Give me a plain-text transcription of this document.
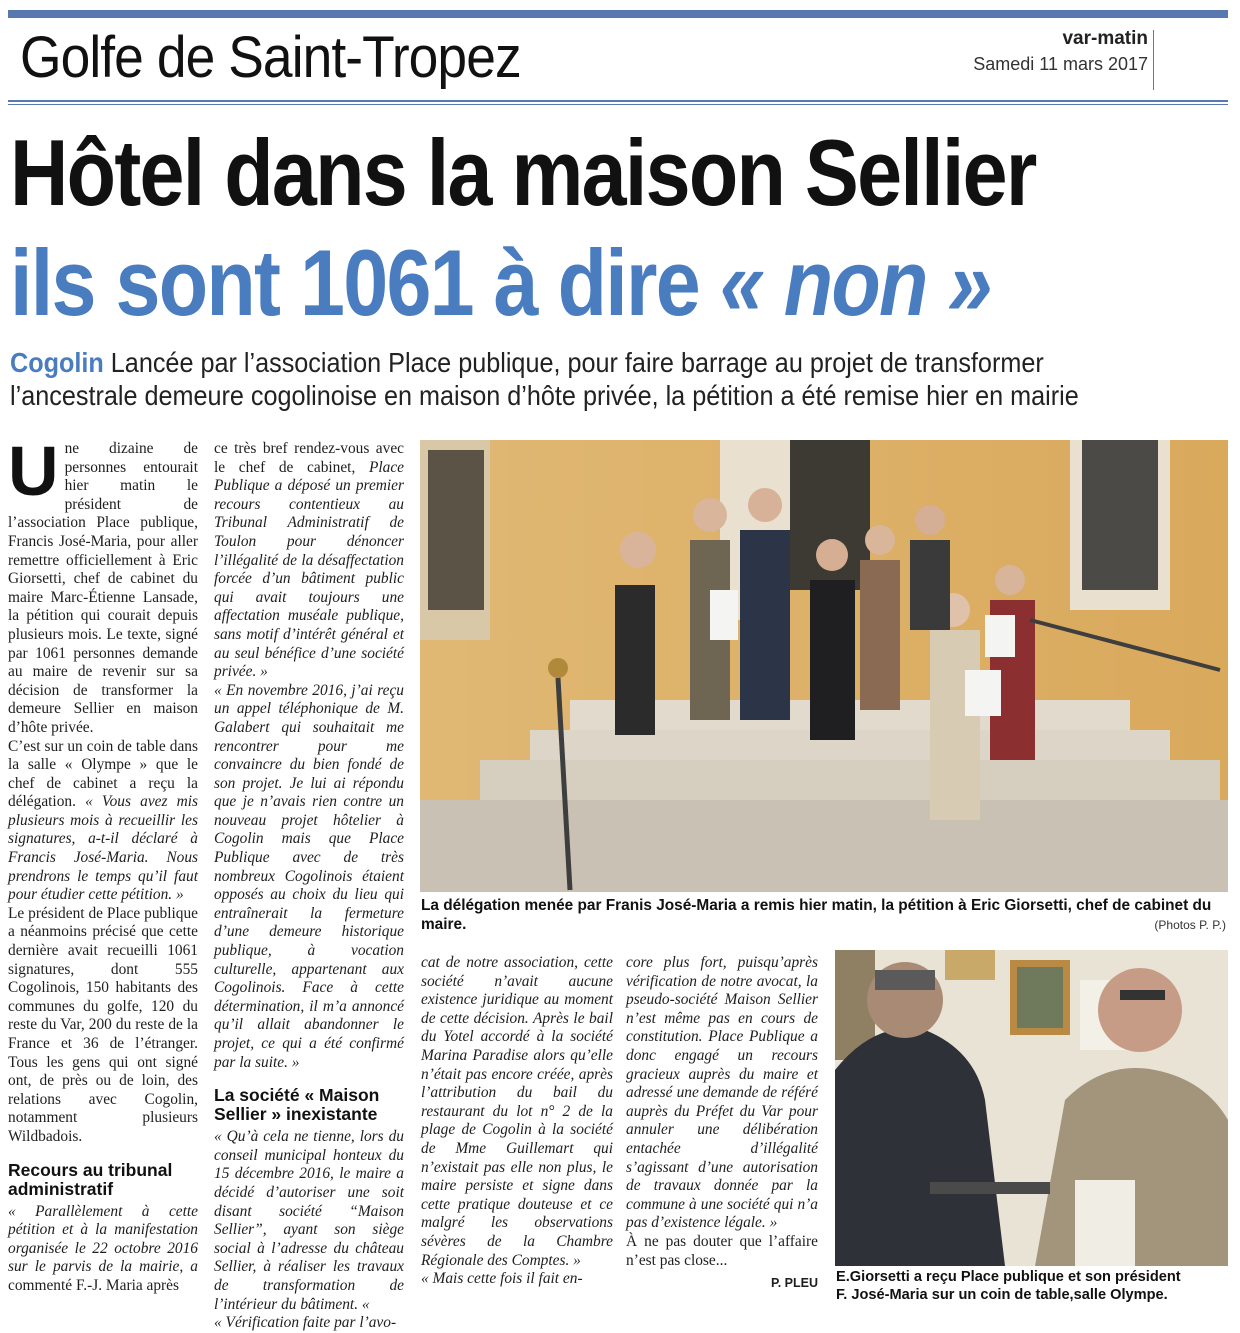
Golfe de Saint-Tropez	var-matin
Samedi 11 mars 2017
Hôtel dans la maison Sellier
ils sont 1061 à dire « non »
Cogolin Lancée par l’association Place publique, pour faire barrage au projet de transformer
l’ancestrale demeure cogolinoise en maison d’hôte privée, la pétition a été remise hier en mairie
U ne dizaine de personnes entourait hier matin le président de l’association Place publique, Francis José-Maria, pour aller remettre officiellement à Eric Giorsetti, chef de cabinet du maire Marc-Étienne Lansade, la pétition qui courait depuis plusieurs mois. Le texte, signé par 1061 personnes demande au maire de revenir sur sa décision de transformer la demeure Sellier en maison d’hôte privée.

C’est sur un coin de table dans la salle « Olympe » que le chef de cabinet a reçu la délégation. « Vous avez mis plusieurs mois à recueillir les signatures, a-t-il déclaré à Francis José-Maria. Nous prendrons le temps qu’il faut pour étudier cette pétition. »

Le président de Place publique a néanmoins précisé que cette dernière avait recueilli 1061 signatures, dont 555 Cogolinois, 150 habitants des communes du golfe, 120 du reste du Var, 200 du reste de la France et 36 de l’étranger. Tous les gens qui ont signé ont, de près ou de loin, des relations avec Cogolin, notamment plusieurs Wildbadois.

Recours au tribunal administratif

« Parallèlement à cette pétition et à la manifestation organisée le 22 octobre 2016 sur le parvis de la mairie, a commenté F.-J. Maria après

ce très bref rendez-vous avec le chef de cabinet, Place Publique a déposé un premier recours contentieux au Tribunal Administratif de Toulon pour dénoncer l’illégalité de la désaffectation forcée d’un bâtiment public qui avait toujours une affectation muséale publique, sans motif d’intérêt général et au seul bénéfice d’une société privée. »

« En novembre 2016, j’ai reçu un appel téléphonique de M. Galabert qui souhaitait me rencontrer pour me convaincre du bien fondé de son projet. Je lui ai répondu que je n’avais rien contre un nouveau projet hôtelier à Cogolin mais que Place Publique avec de très nombreux Cogolinois étaient opposés au choix du lieu qui entraînerait la fermeture d’une demeure historique publique, à vocation culturelle, appartenant aux Cogolinois. Face à cette détermination, il m’a annoncé qu’il allait abandonner le projet, ce qui a été confirmé par la suite. »

La société « Maison Sellier » inexistante

« Qu’à cela ne tienne, lors du conseil municipal honteux du 15 décembre 2016, le maire a décidé d’autoriser une soit disant société “Maison Sellier”, ayant son siège social à l’adresse du château Sellier, à réaliser les travaux de transformation de l’intérieur du bâtiment. «

« Vérification faite par l’avo-

La délégation menée par Franis José-Maria a remis hier matin, la pétition à Eric Giorsetti, chef de cabinet du maire.	(Photos P. P.)

cat de notre association, cette société n’avait aucune existence juridique au moment de cette décision. Après le bail du Yotel accordé à la société Marina Paradise alors qu’elle n’était pas encore créée, après l’attribution du bail du restaurant du lot n° 2 de la plage de Cogolin à la société de Mme Guillemart qui n’existait pas elle non plus, le maire persiste et signe dans cette pratique douteuse et ce malgré les observations sévères de la Chambre Régionale des Comptes. »

« Mais cette fois il fait en-

core plus fort, puisqu’après vérification de notre avocat, la pseudo-société Maison Sellier n’est même pas en cours de constitution. Place Publique a donc engagé un recours gracieux auprès du maire et adressé une demande de référé auprès du Préfet du Var pour annuler une délibération entachée d’illégalité s’agissant d’une autorisation de travaux donnée par la commune à une société qui n’a pas d’existence légale. »

À ne pas douter que l’affaire n’est pas close...

P. PLEU E.Giorsetti a reçu Place publique et son président
F. José-Maria sur un coin de table,salle Olympe.
